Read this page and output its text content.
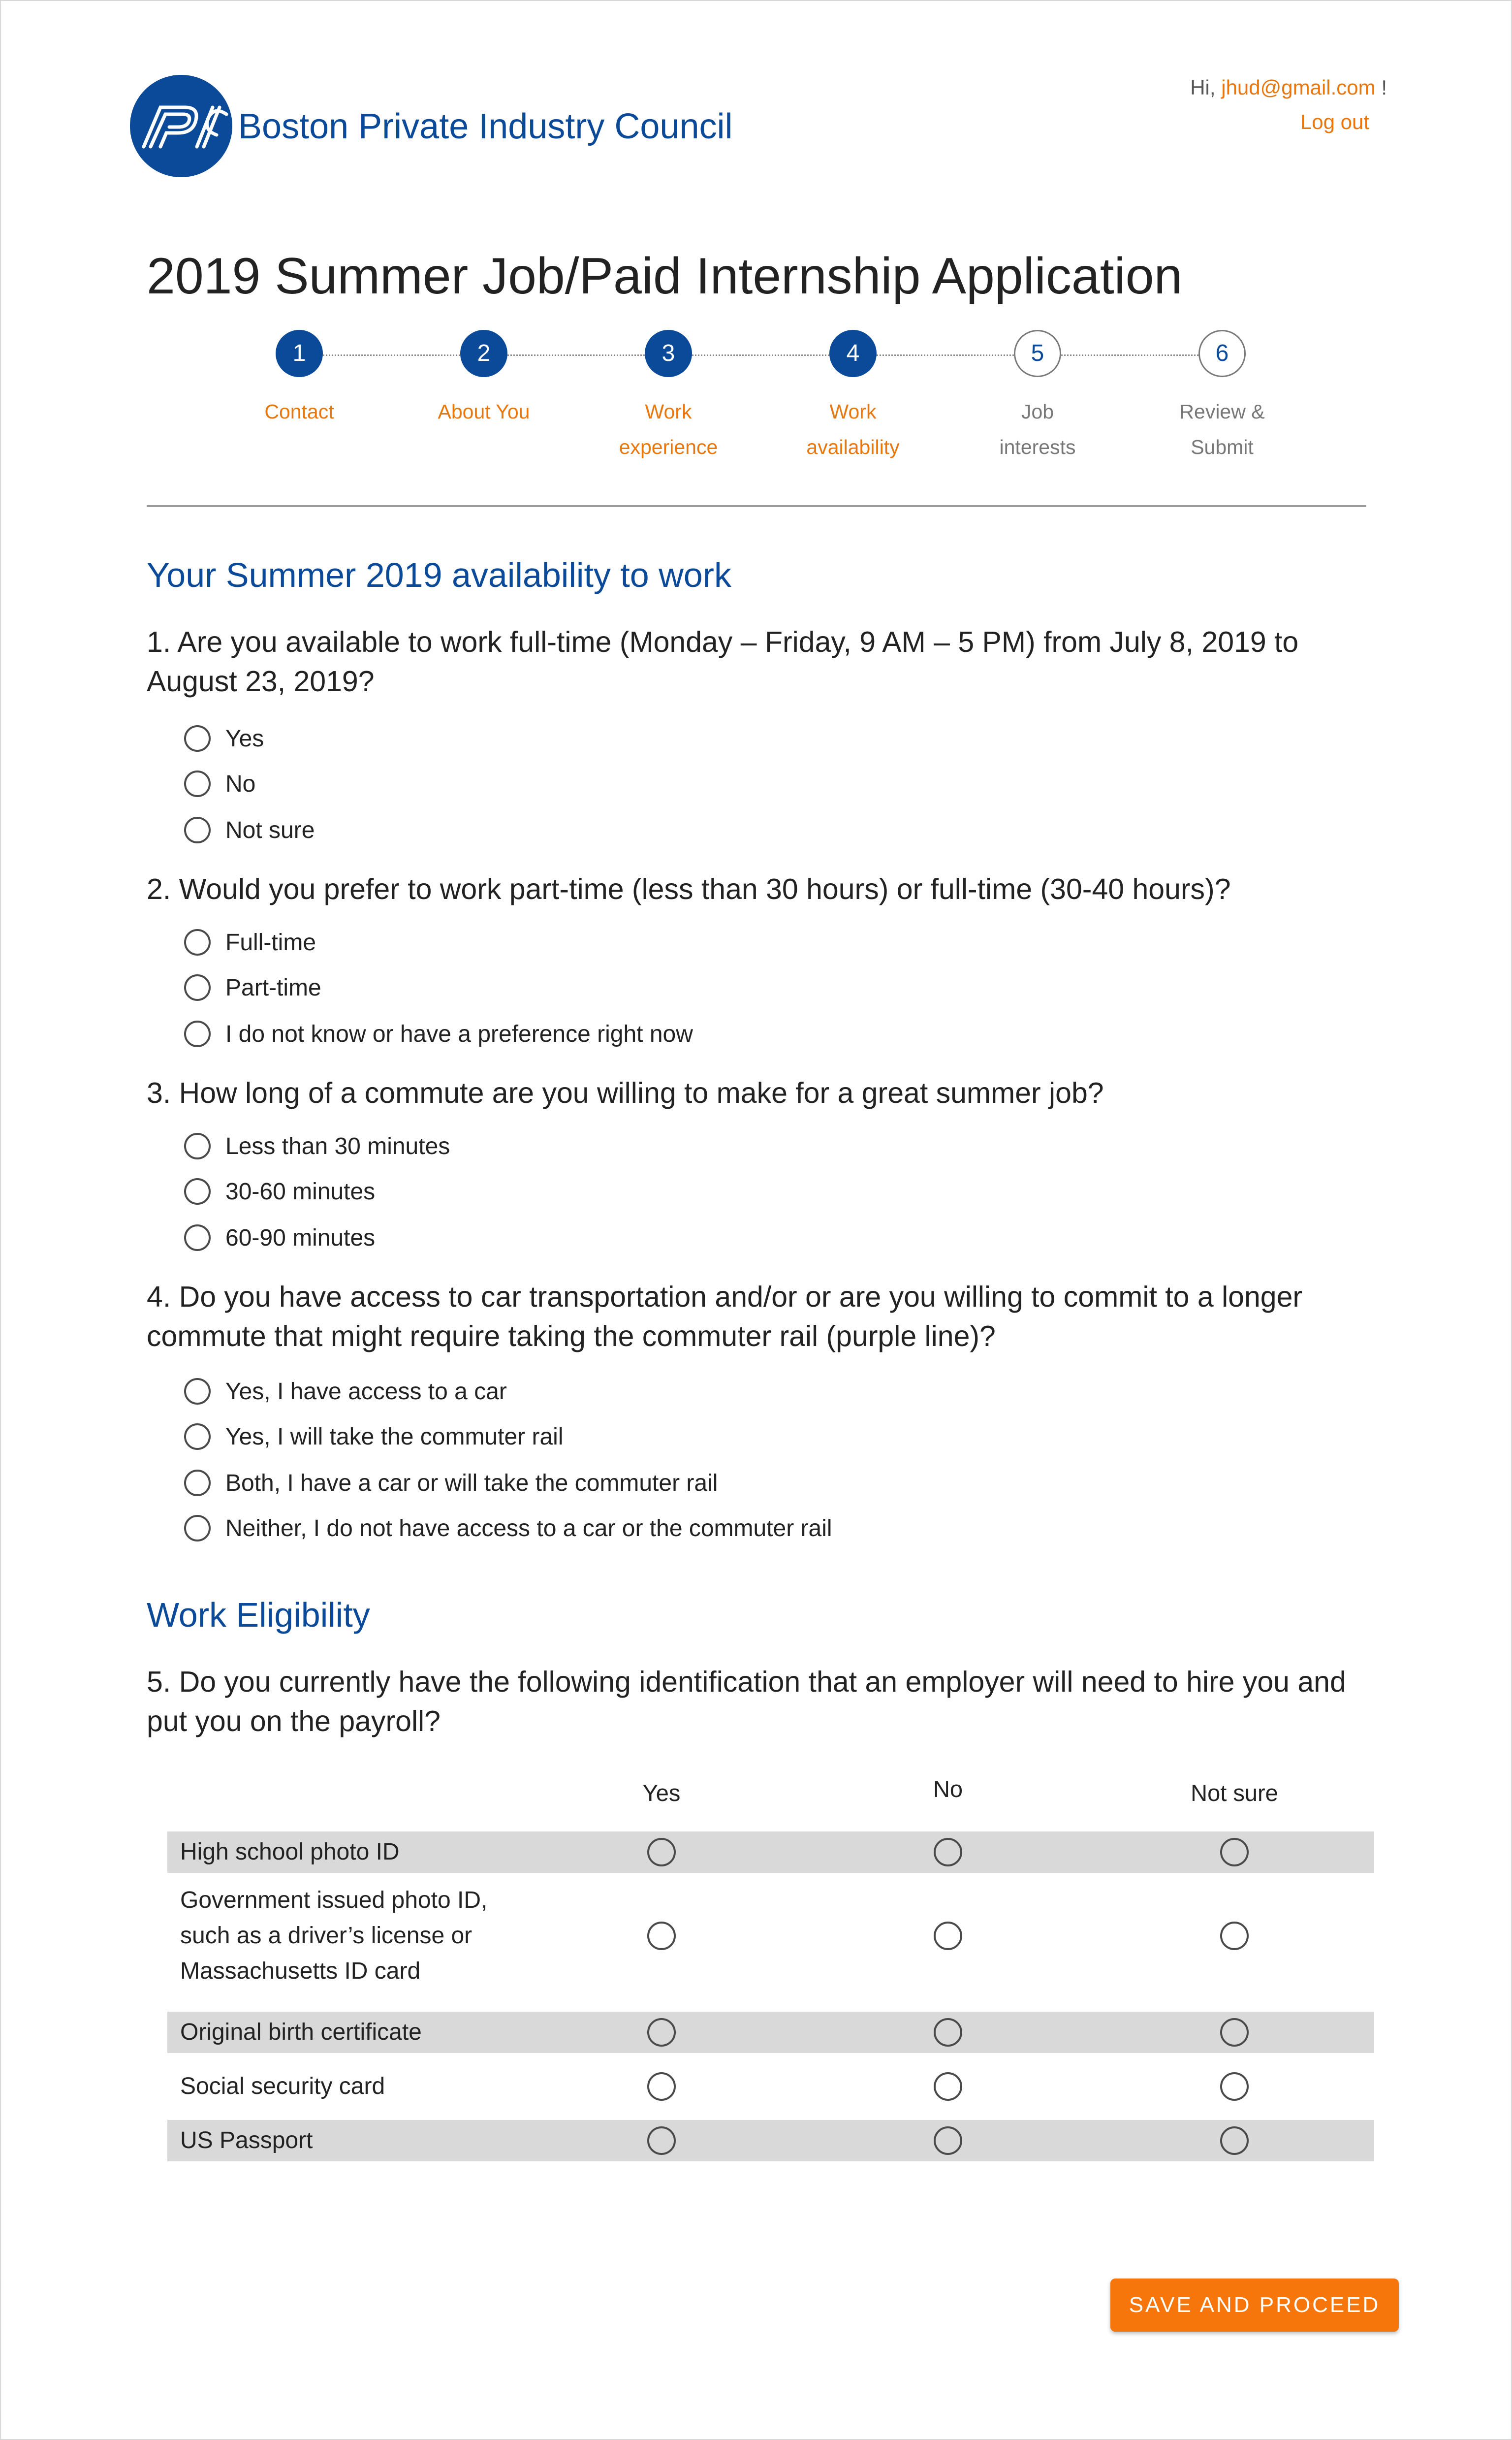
PIC
Boston Private Industry Council
Hi, jhud@gmail.com !
Log out
2019 Summer Job/Paid Internship Application
1
Contact
2
About You
3
Work
experience
4
Work
availability
5
Job
interests
6
Review &
Submit
Your Summer 2019 availability to work
1. Are you available to work full-time (Monday – Friday, 9 AM – 5 PM) from July 8, 2019 to August 23, 2019?
Yes
No
Not sure
2. Would you prefer to work part-time (less than 30 hours) or full-time (30-40 hours)?
Full-time
Part-time
I do not know or have a preference right now
3. How long of a commute are you willing to make for a great summer job?
Less than 30 minutes
30-60 minutes
60-90 minutes
4. Do you have access to car transportation and/or or are you willing to commit to a longer commute that might require taking the commuter rail (purple line)?
Yes, I have access to a car
Yes, I will take the commuter rail
Both, I have a car or will take the commuter rail
Neither, I do not have access to a car or the commuter rail
Work Eligibility
5. Do you currently have the following identification that an employer will need to hire you and put you on the payroll?
Yes	No	Not sure
High school photo ID
Government issued photo ID,
such as a driver’s license or
Massachusetts ID card
Original birth certificate
Social security card
US Passport
SAVE AND PROCEED
